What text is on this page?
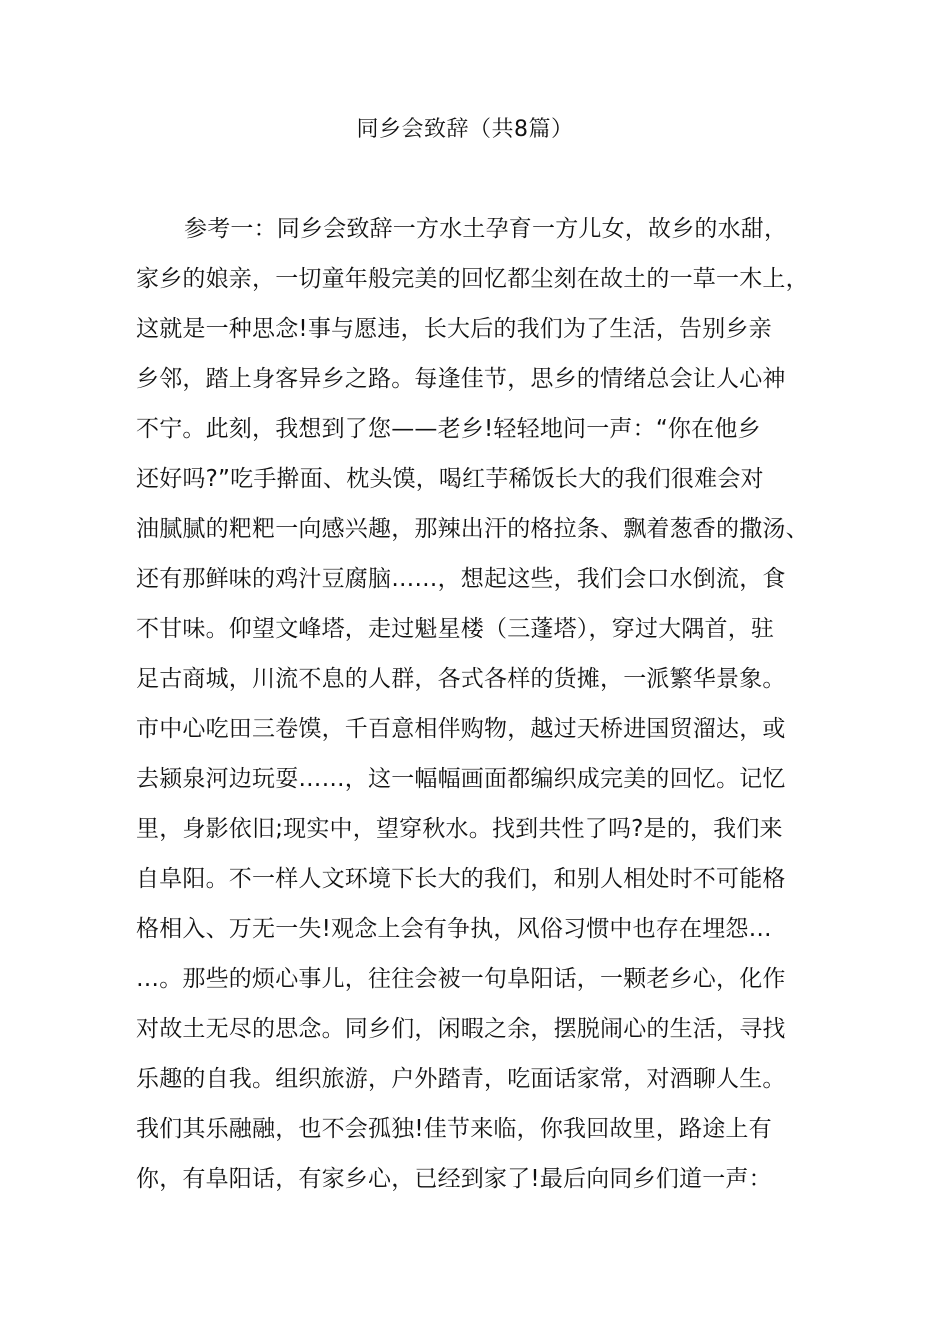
同乡会致辞（共8篇）
参考一：同乡会致辞一方水土孕育一方儿女，故乡的水甜，
家乡的娘亲，一切童年般完美的回忆都尘刻在故土的一草一木上，
这就是一种思念!事与愿违，长大后的我们为了生活，告别乡亲
乡邻，踏上身客异乡之路。每逢佳节，思乡的情绪总会让人心神
不宁。此刻，我想到了您——老乡!轻轻地问一声：“你在他乡
还好吗?”吃手擀面、枕头馍，喝红芋稀饭长大的我们很难会对
油腻腻的粑粑一向感兴趣，那辣出汗的格拉条、飘着葱香的撒汤、
还有那鲜味的鸡汁豆腐脑……，想起这些，我们会口水倒流，食
不甘味。仰望文峰塔，走过魁星楼（三蓬塔），穿过大隅首，驻
足古商城，川流不息的人群，各式各样的货摊，一派繁华景象。
市中心吃田三卷馍，千百意相伴购物，越过天桥进国贸溜达，或
去颍泉河边玩耍……，这一幅幅画面都编织成完美的回忆。记忆
里，身影依旧;现实中，望穿秋水。找到共性了吗?是的，我们来
自阜阳。不一样人文环境下长大的我们，和别人相处时不可能格
格相入、万无一失!观念上会有争执，风俗习惯中也存在埋怨…
…。那些的烦心事儿，往往会被一句阜阳话，一颗老乡心，化作
对故土无尽的思念。同乡们，闲暇之余，摆脱闹心的生活，寻找
乐趣的自我。组织旅游，户外踏青，吃面话家常，对酒聊人生。
我们其乐融融，也不会孤独!佳节来临，你我回故里，路途上有
你，有阜阳话，有家乡心，已经到家了!最后向同乡们道一声：
